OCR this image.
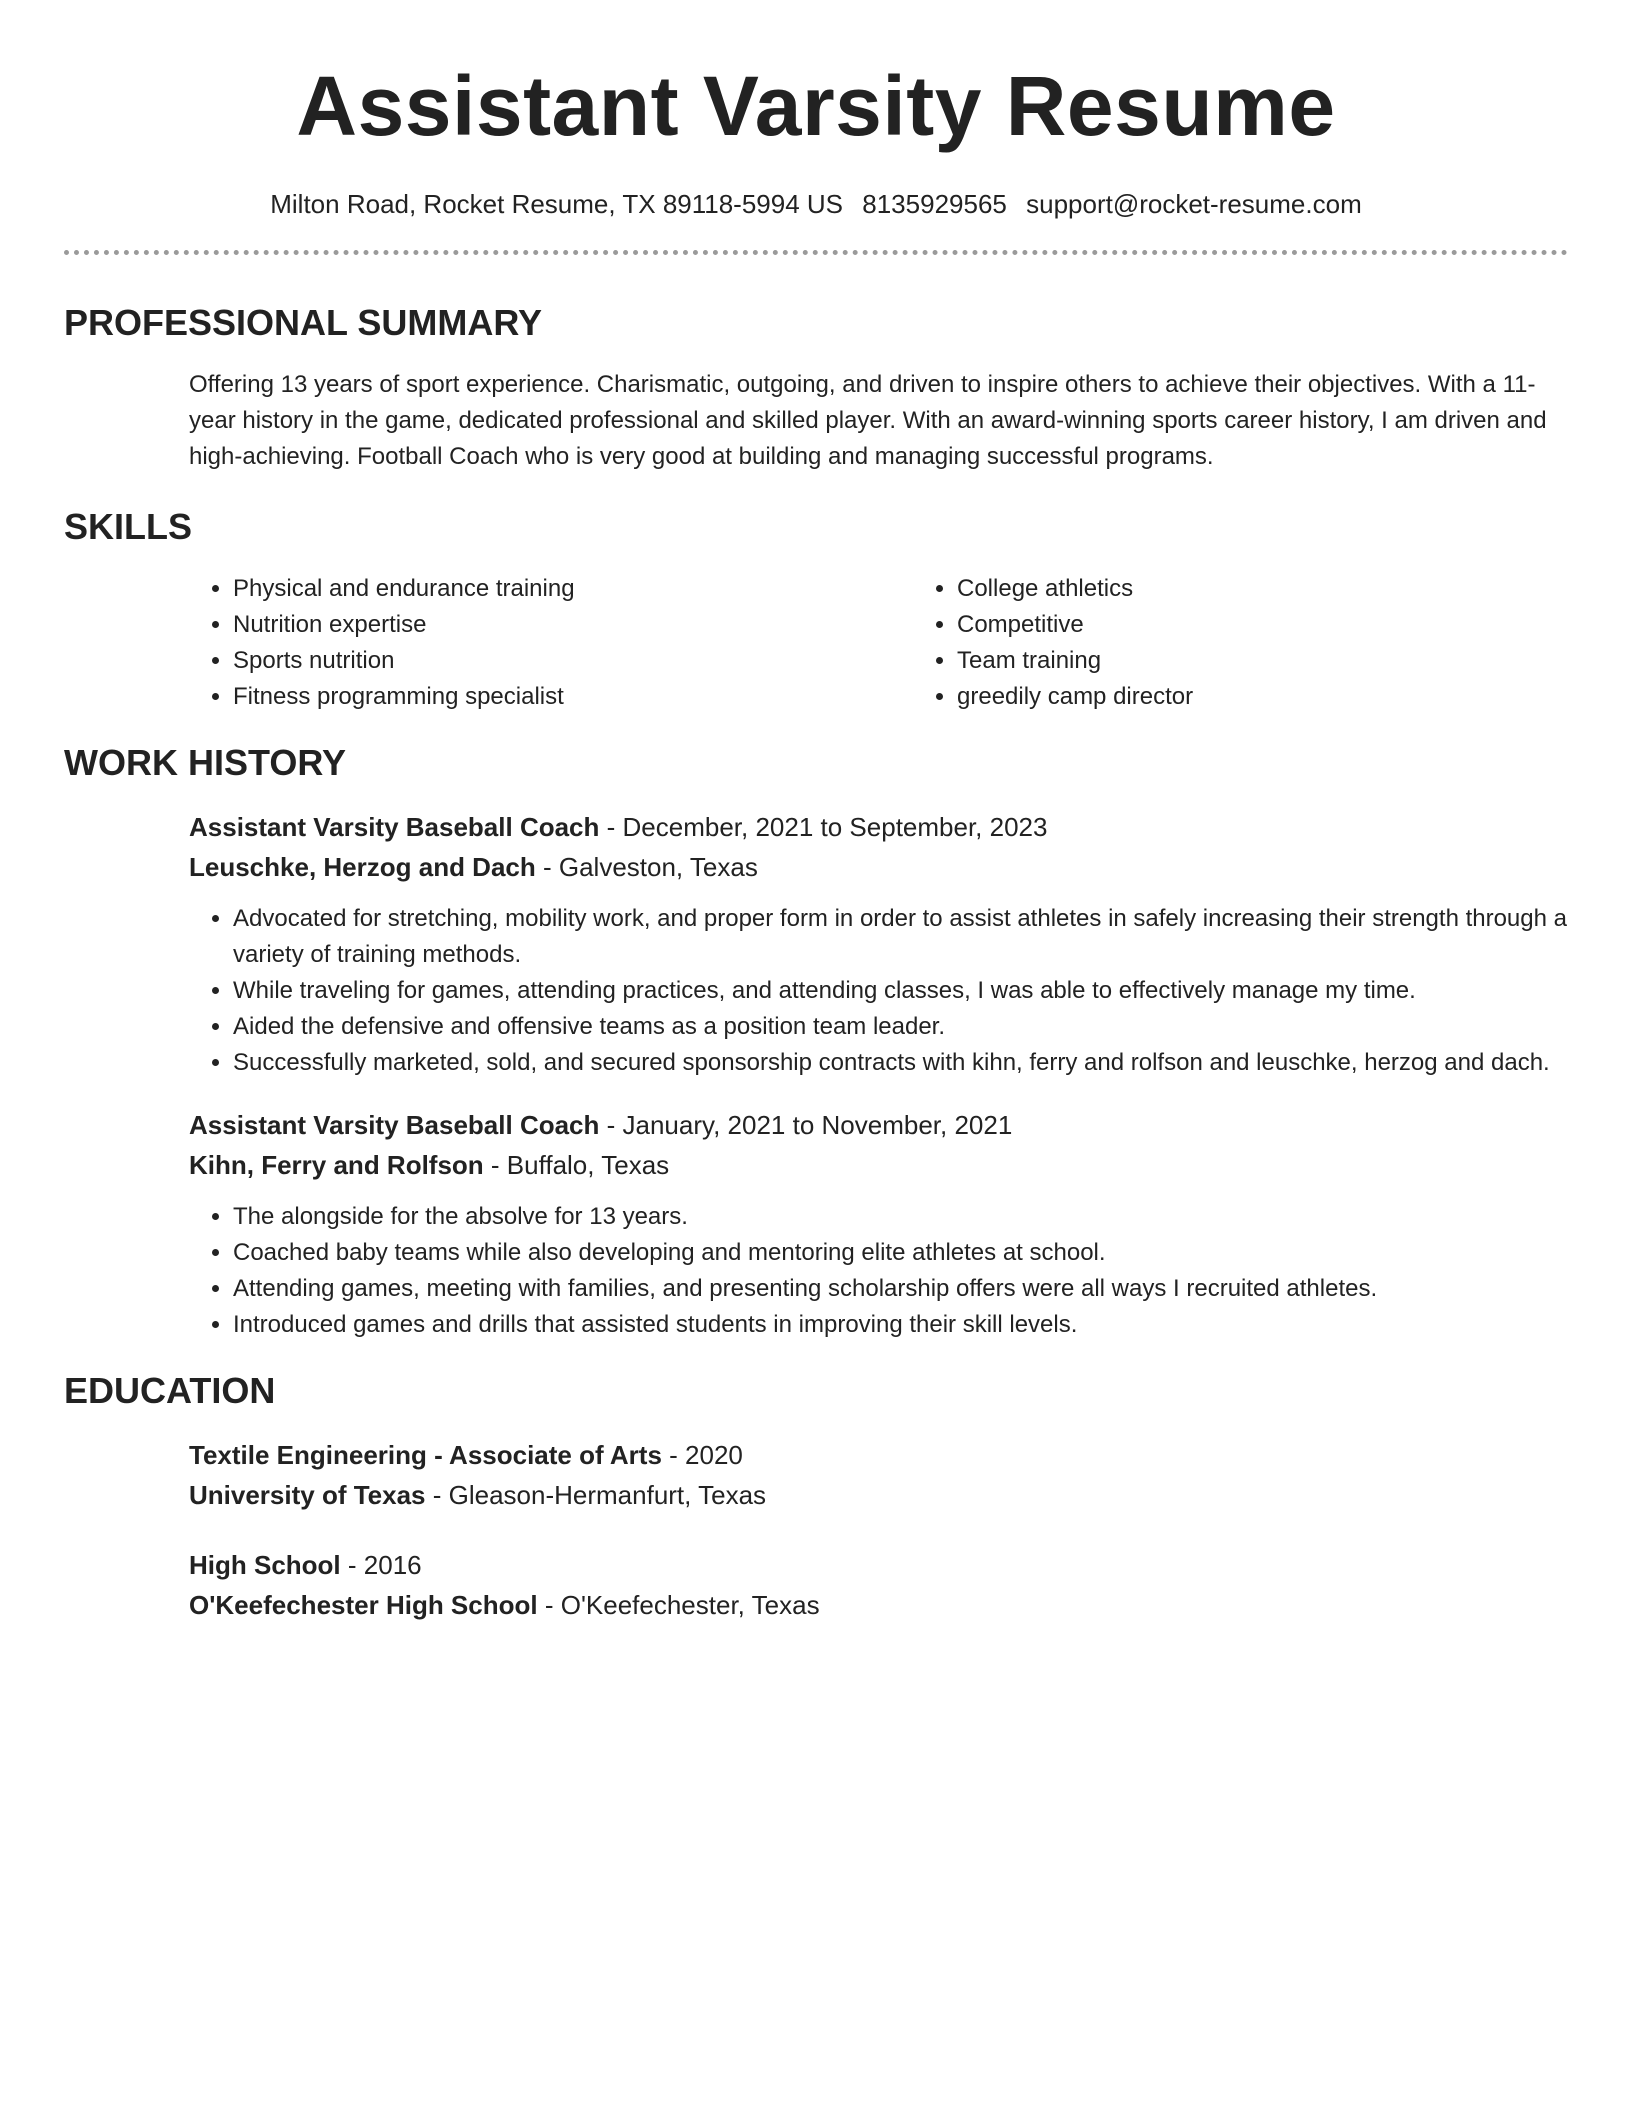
Assistant Varsity Resume
Milton Road, Rocket Resume, TX 89118-5994 US 8135929565 support@rocket-resume.com
PROFESSIONAL SUMMARY
Offering 13 years of sport experience. Charismatic, outgoing, and driven to inspire others to achieve their objectives. With a 11-year history in the game, dedicated professional and skilled player. With an award-winning sports career history, I am driven and high-achieving. Football Coach who is very good at building and managing successful programs.
SKILLS
• Physical and endurance training
• Nutrition expertise
• Sports nutrition
• Fitness programming specialist
• College athletics
• Competitive
• Team training
• greedily camp director
WORK HISTORY
Assistant Varsity Baseball Coach - December, 2021 to September, 2023
Leuschke, Herzog and Dach - Galveston, Texas
• Advocated for stretching, mobility work, and proper form in order to assist athletes in safely increasing their strength through a variety of training methods.
• While traveling for games, attending practices, and attending classes, I was able to effectively manage my time.
• Aided the defensive and offensive teams as a position team leader.
• Successfully marketed, sold, and secured sponsorship contracts with kihn, ferry and rolfson and leuschke, herzog and dach.
Assistant Varsity Baseball Coach - January, 2021 to November, 2021
Kihn, Ferry and Rolfson - Buffalo, Texas
• The alongside for the absolve for 13 years.
• Coached baby teams while also developing and mentoring elite athletes at school.
• Attending games, meeting with families, and presenting scholarship offers were all ways I recruited athletes.
• Introduced games and drills that assisted students in improving their skill levels.
EDUCATION
Textile Engineering - Associate of Arts - 2020
University of Texas - Gleason-Hermanfurt, Texas
High School - 2016
O'Keefechester High School - O'Keefechester, Texas
